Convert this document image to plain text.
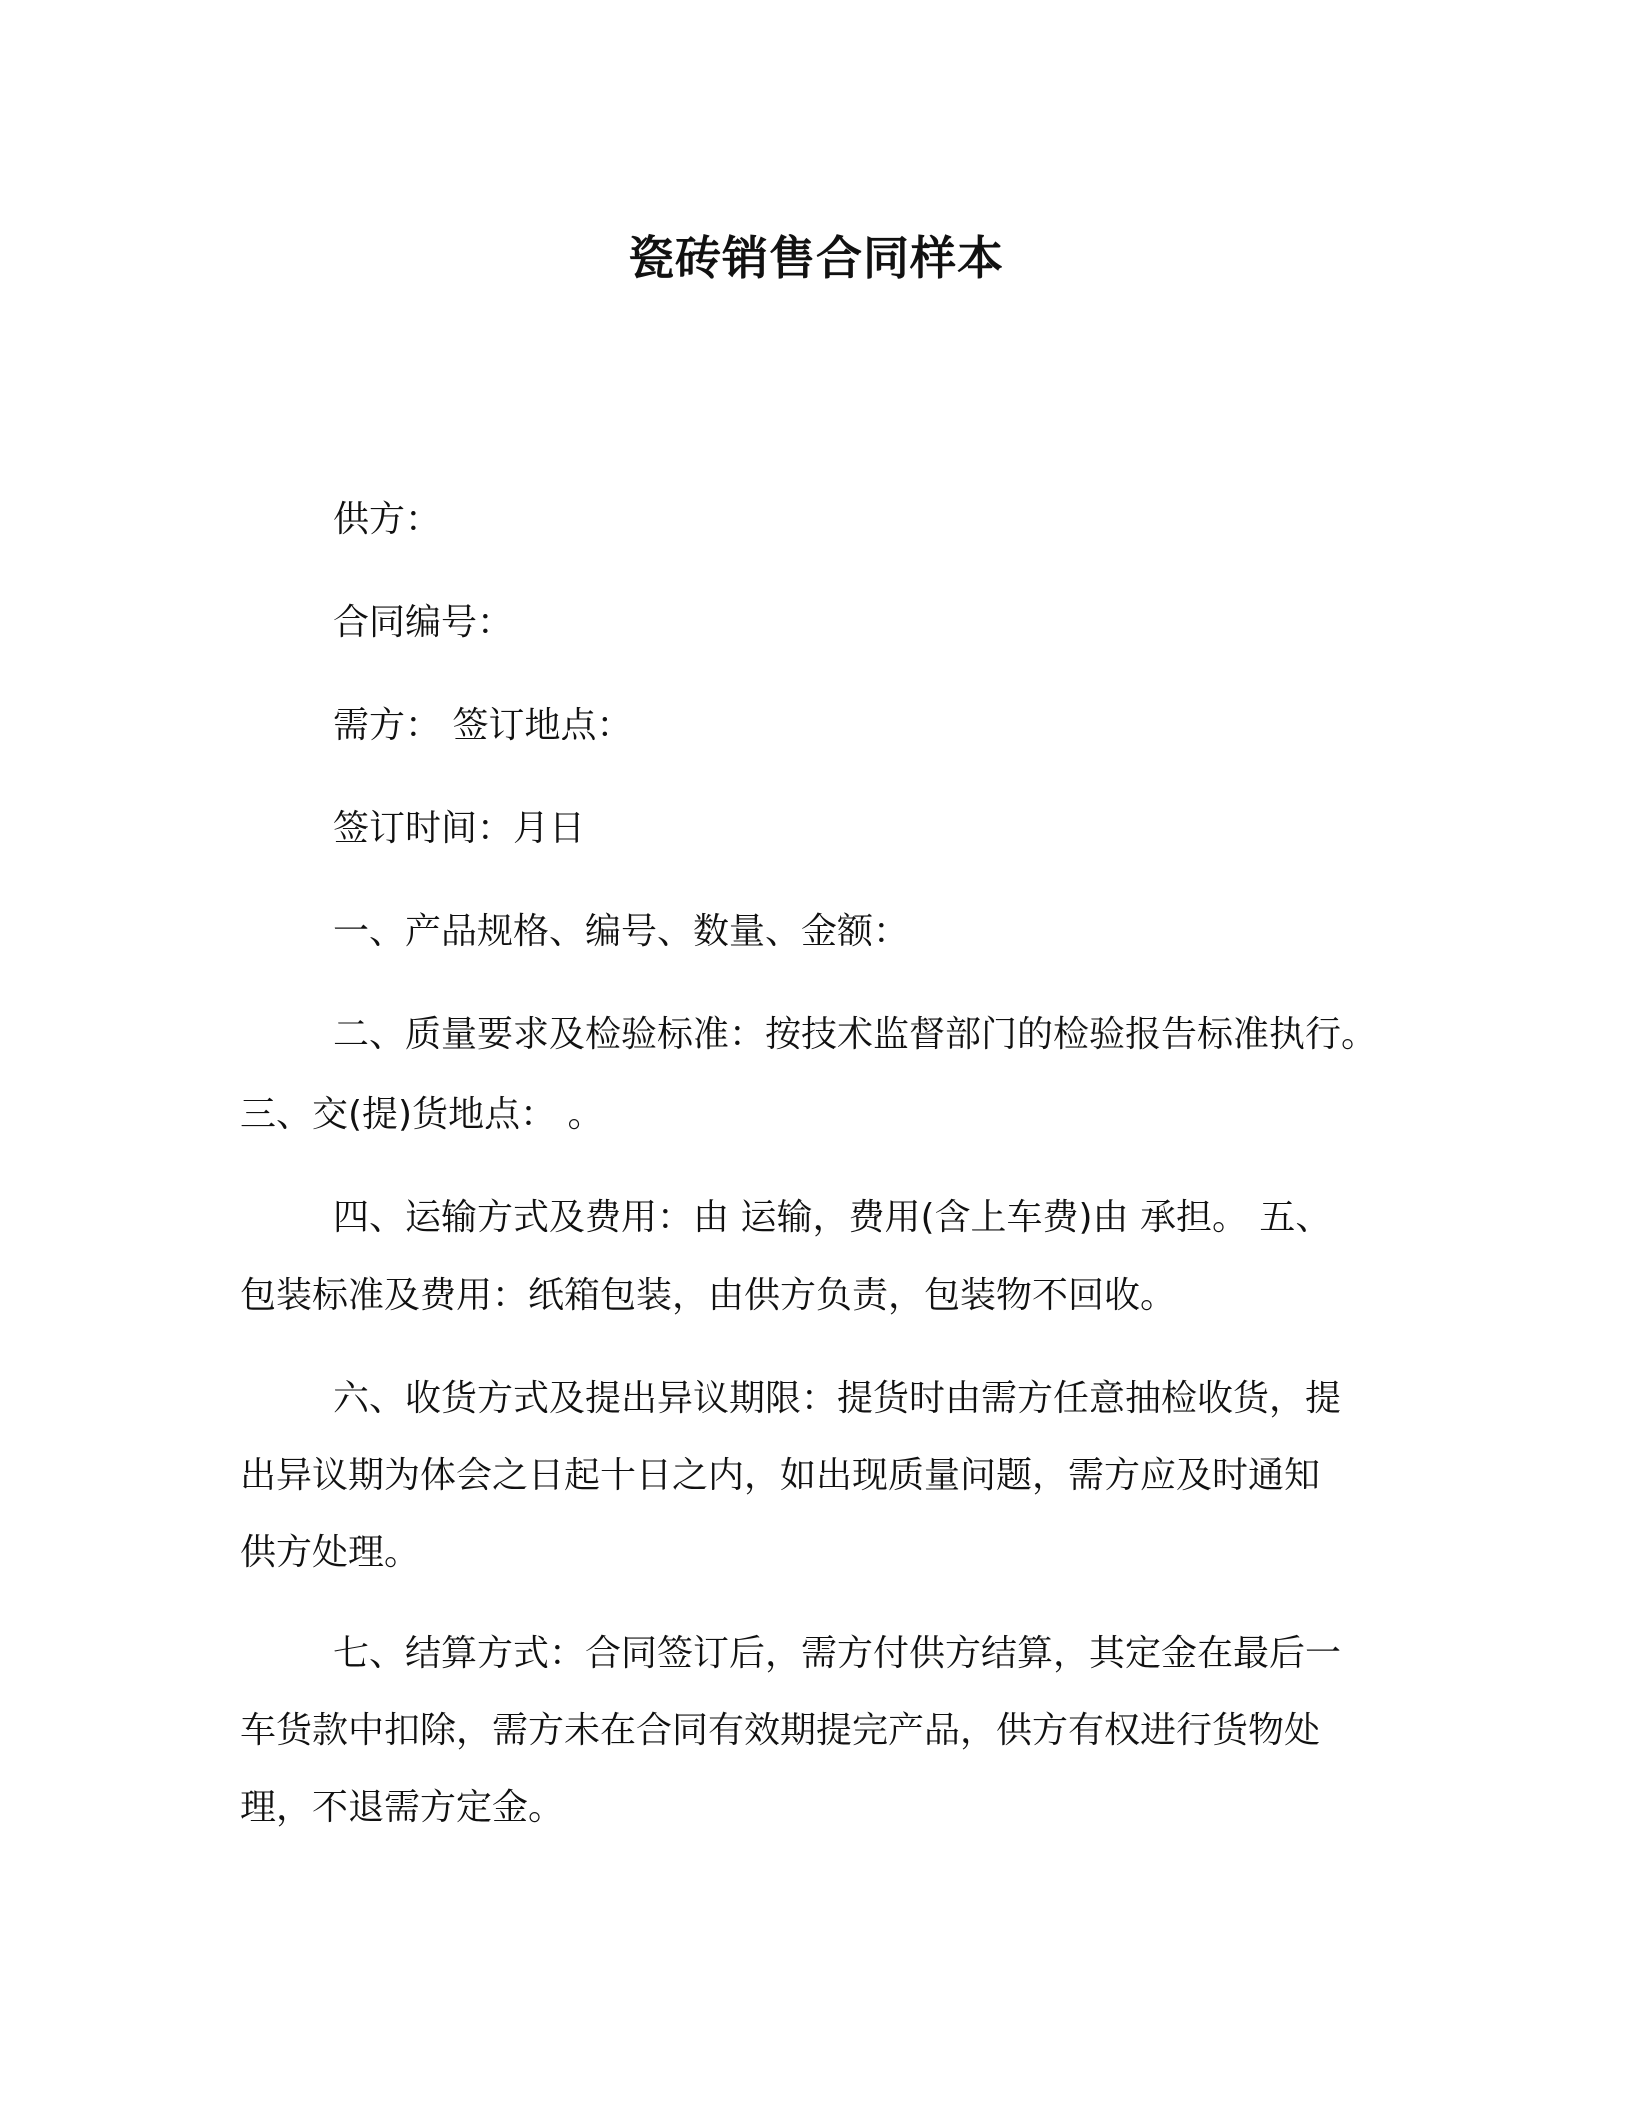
瓷砖销售合同样本

供方：

合同编号：

需方： 签订地点：

签订时间：月日

一、产品规格、编号、数量、金额：

二、质量要求及检验标准：按技术监督部门的检验报告标准执行。

三、交(提)货地点： 。

四、运输方式及费用：由 运输，费用(含上车费)由 承担。 五、

包装标准及费用：纸箱包装，由供方负责，包装物不回收。

六、收货方式及提出异议期限：提货时由需方任意抽检收货，提

出异议期为体会之日起十日之内，如出现质量问题，需方应及时通知

供方处理。

七、结算方式：合同签订后，需方付供方结算，其定金在最后一

车货款中扣除，需方未在合同有效期提完产品，供方有权进行货物处

理，不退需方定金。
